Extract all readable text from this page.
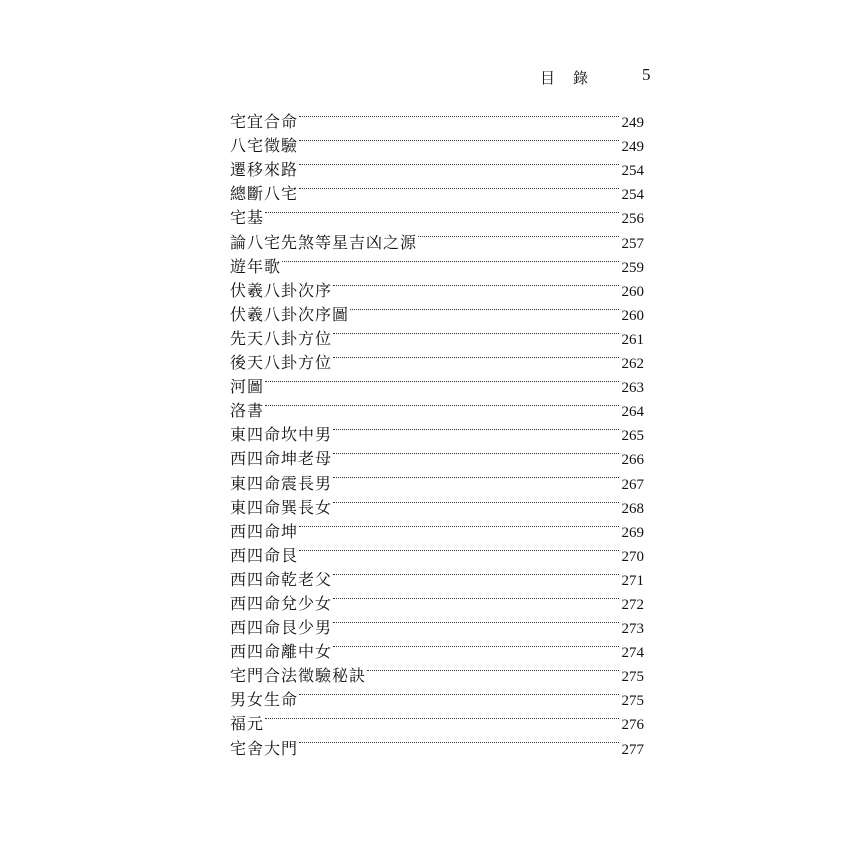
目錄 5
宅宜合命	249
八宅徵驗	249
遷移來路	254
總斷八宅	254
宅基	256
論八宅先煞等星吉凶之源	257
遊年歌	259
伏羲八卦次序	260
伏羲八卦次序圖	260
先天八卦方位	261
後天八卦方位	262
河圖	263
洛書	264
東四命坎中男	265
西四命坤老母	266
東四命震長男	267
東四命巽長女	268
西四命坤	269
西四命艮	270
西四命乾老父	271
西四命兌少女	272
西四命艮少男	273
西四命離中女	274
宅門合法徵驗秘訣	275
男女生命	275
福元	276
宅舍大門	277
